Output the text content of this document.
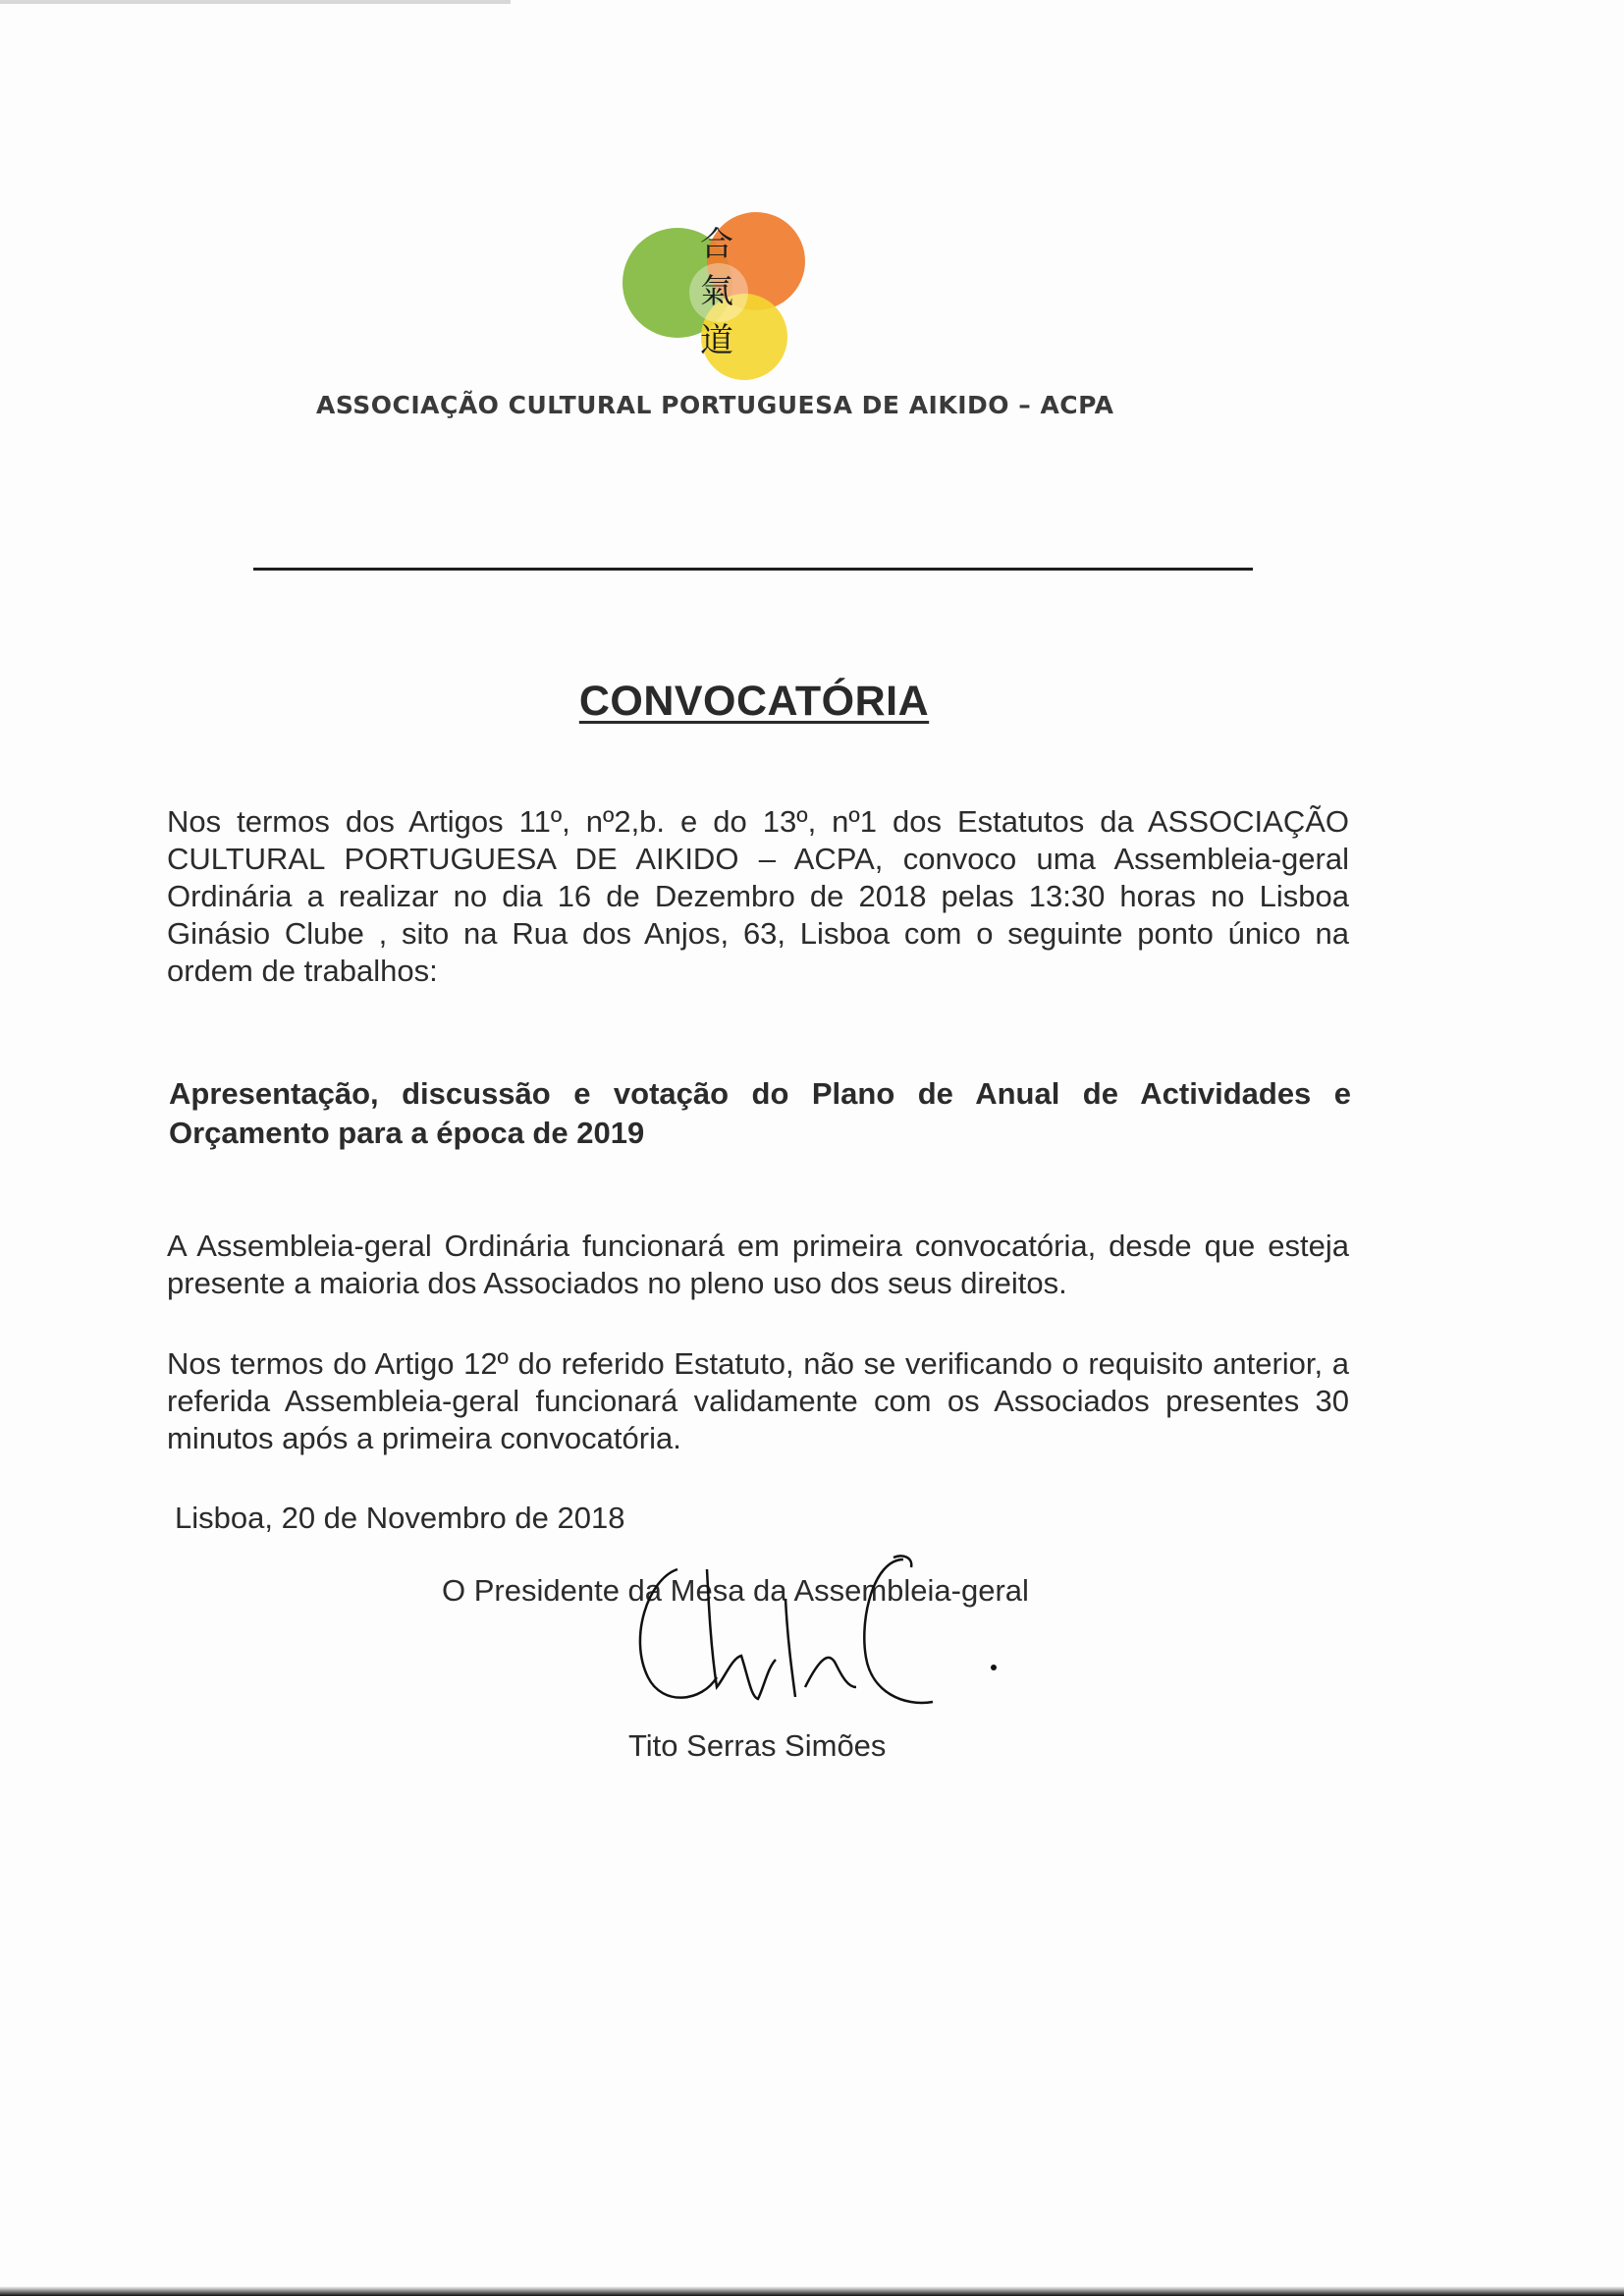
合
氣
道
ASSOCIAÇÃO CULTURAL PORTUGUESA DE AIKIDO – ACPA
CONVOCATÓRIA
Nos termos dos Artigos 11º, nº2,b. e do 13º, nº1 dos Estatutos da ASSOCIAÇÃO CULTURAL PORTUGUESA DE AIKIDO – ACPA, convoco uma Assembleia-geral Ordinária a realizar no dia 16 de Dezembro de 2018 pelas 13:30 horas no Lisboa Ginásio Clube , sito na Rua dos Anjos, 63, Lisboa com o seguinte ponto único na ordem de trabalhos:
Apresentação, discussão e votação do Plano de Anual de Actividades e Orçamento para a época de 2019
A Assembleia-geral Ordinária funcionará em primeira convocatória, desde que esteja presente a maioria dos Associados no pleno uso dos seus direitos.
Nos termos do Artigo 12º do referido Estatuto, não se verificando o requisito anterior, a referida Assembleia-geral funcionará validamente com os Associados presentes 30 minutos após a primeira convocatória.
Lisboa, 20 de Novembro de 2018
O Presidente da Mesa da Assembleia-geral
Tito Serras Simões
